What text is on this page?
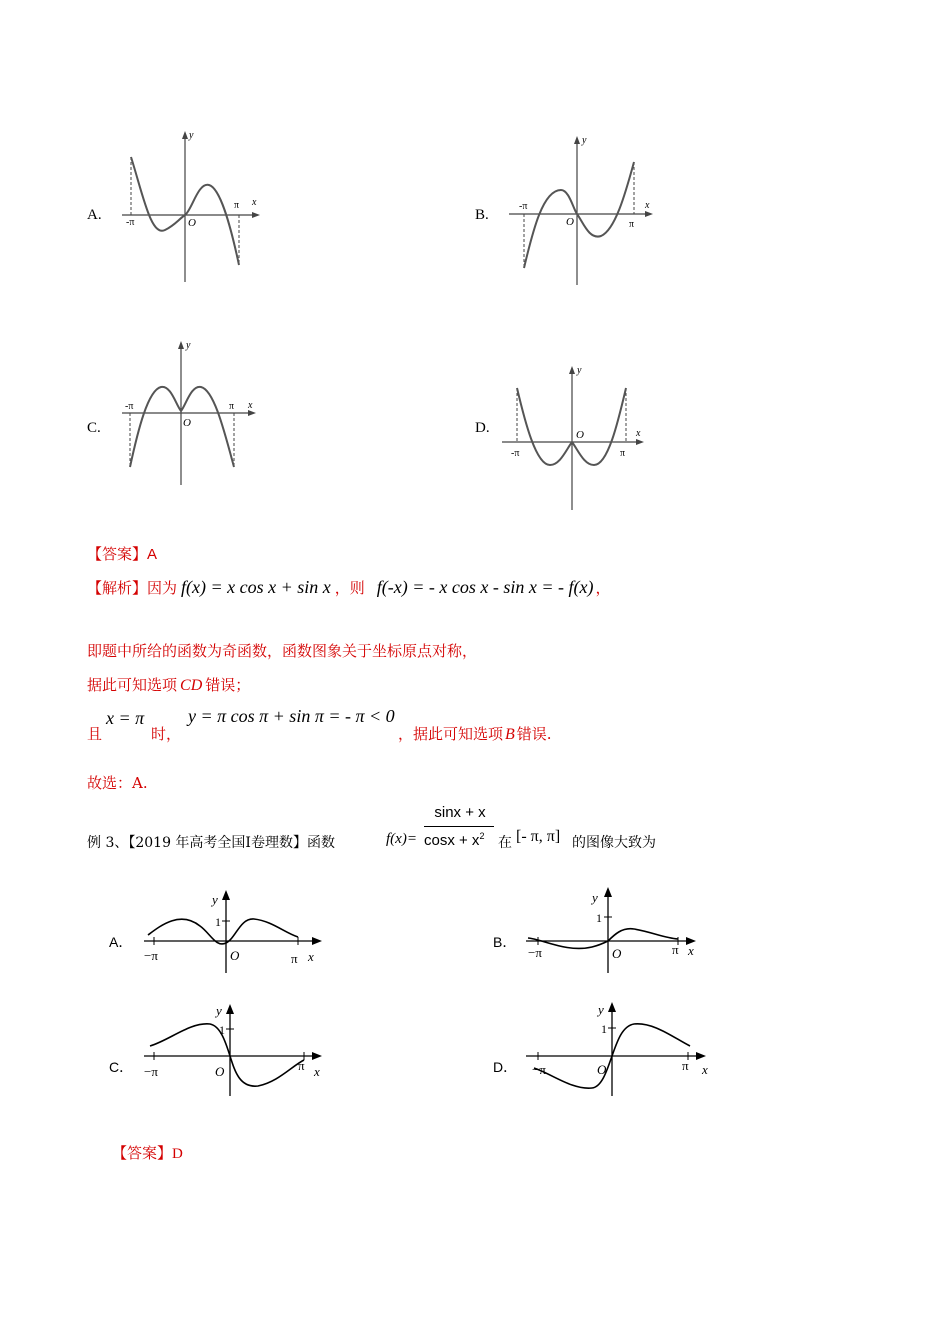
A. -π
π
O
x
y
B.
-π
π
O
x
y
C.
-π	π
O
x
y
D.
-π	π
O	x
y
【答案】 A
【解析】 因为 f(x) = x cos x + sin x ，则 f(-x) = - x cos x - sin x = - f(x) ，
即题中所给的函数为奇函数，函数图象关于坐标原点对称，
据此可知选项 CD 错误；
且
x = π
时，
y = π cos π + sin π = - π < 0
，据此可知选项 B 错误.
故选：A.
例 3、【2019 年高考全国Ⅰ卷理数】函数	f(x)=
sinx + x
$\cos x + x^2$ 在 [- π, π] 的图像大致为
A．
−π	π
O
1
x
y
B．
−π	π
O
1
x
y
C． −π	π
O
1
x
y
D． −π	π
O
1
x
y
【答案】 D
